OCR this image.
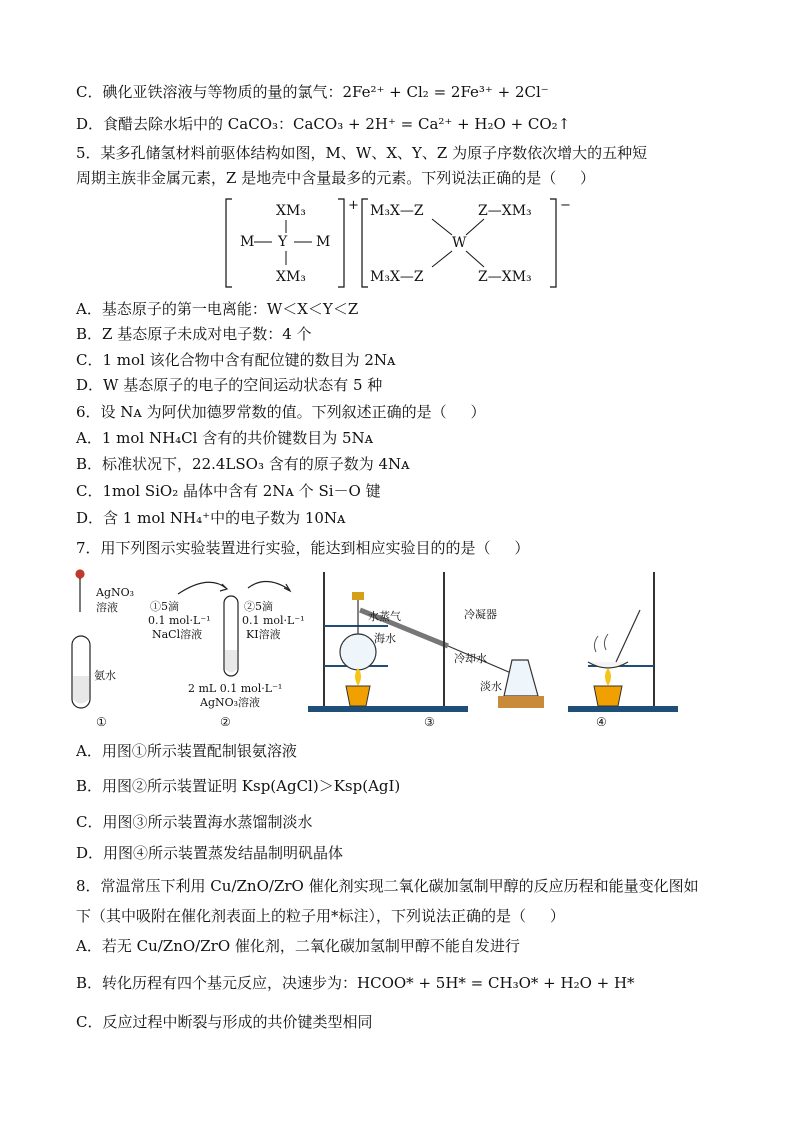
C．碘化亚铁溶液与等物质的量的氯气：2Fe²⁺ + Cl₂ = 2Fe³⁺ + 2Cl⁻
D．食醋去除水垢中的 CaCO₃：CaCO₃ + 2H⁺ = Ca²⁺ + H₂O + CO₂↑
5．某多孔储氢材料前驱体结构如图，M、W、X、Y、Z 为原子序数依次增大的五种短
周期主族非金属元素，Z 是地壳中含量最多的元素。下列说法正确的是（     ）
+
XM₃
M Y M
XM₃
−
M₃X—Z	Z—XM₃
W
M₃X—Z	Z—XM₃
A．基态原子的第一电离能：W＜X＜Y＜Z
B．Z 基态原子未成对电子数：4 个
C．1 mol 该化合物中含有配位键的数目为 2Nᴀ
D．W 基态原子的电子的空间运动状态有 5 种
6．设 Nᴀ 为阿伏加德罗常数的值。下列叙述正确的是（     ）
A．1 mol NH₄Cl 含有的共价键数目为 5Nᴀ
B．标准状况下，22.4LSO₃ 含有的原子数为 4Nᴀ
C．1mol SiO₂ 晶体中含有 2Nᴀ 个 Si－O 键
D．含 1 mol NH₄⁺中的电子数为 10Nᴀ
7．用下列图示实验装置进行实验，能达到相应实验目的的是（     ）
AgNO₃
溶液
氨水
①
①5滴
0.1 mol·L⁻¹
NaCl溶液
②5滴
0.1 mol·L⁻¹
KI溶液
2 mL 0.1 mol·L⁻¹
AgNO₃溶液
②
水蒸气
海水
冷凝器
冷却水
淡水
③	④
A．用图①所示装置配制银氨溶液
B．用图②所示装置证明 Ksp(AgCl)＞Ksp(AgI)
C．用图③所示装置海水蒸馏制淡水
D．用图④所示装置蒸发结晶制明矾晶体
8．常温常压下利用 Cu/ZnO/ZrO 催化剂实现二氧化碳加氢制甲醇的反应历程和能量变化图如
下（其中吸附在催化剂表面上的粒子用*标注），下列说法正确的是（     ）
A．若无 Cu/ZnO/ZrO 催化剂，二氧化碳加氢制甲醇不能自发进行
B．转化历程有四个基元反应，决速步为：HCOO* + 5H* = CH₃O* + H₂O + H*
C．反应过程中断裂与形成的共价键类型相同
